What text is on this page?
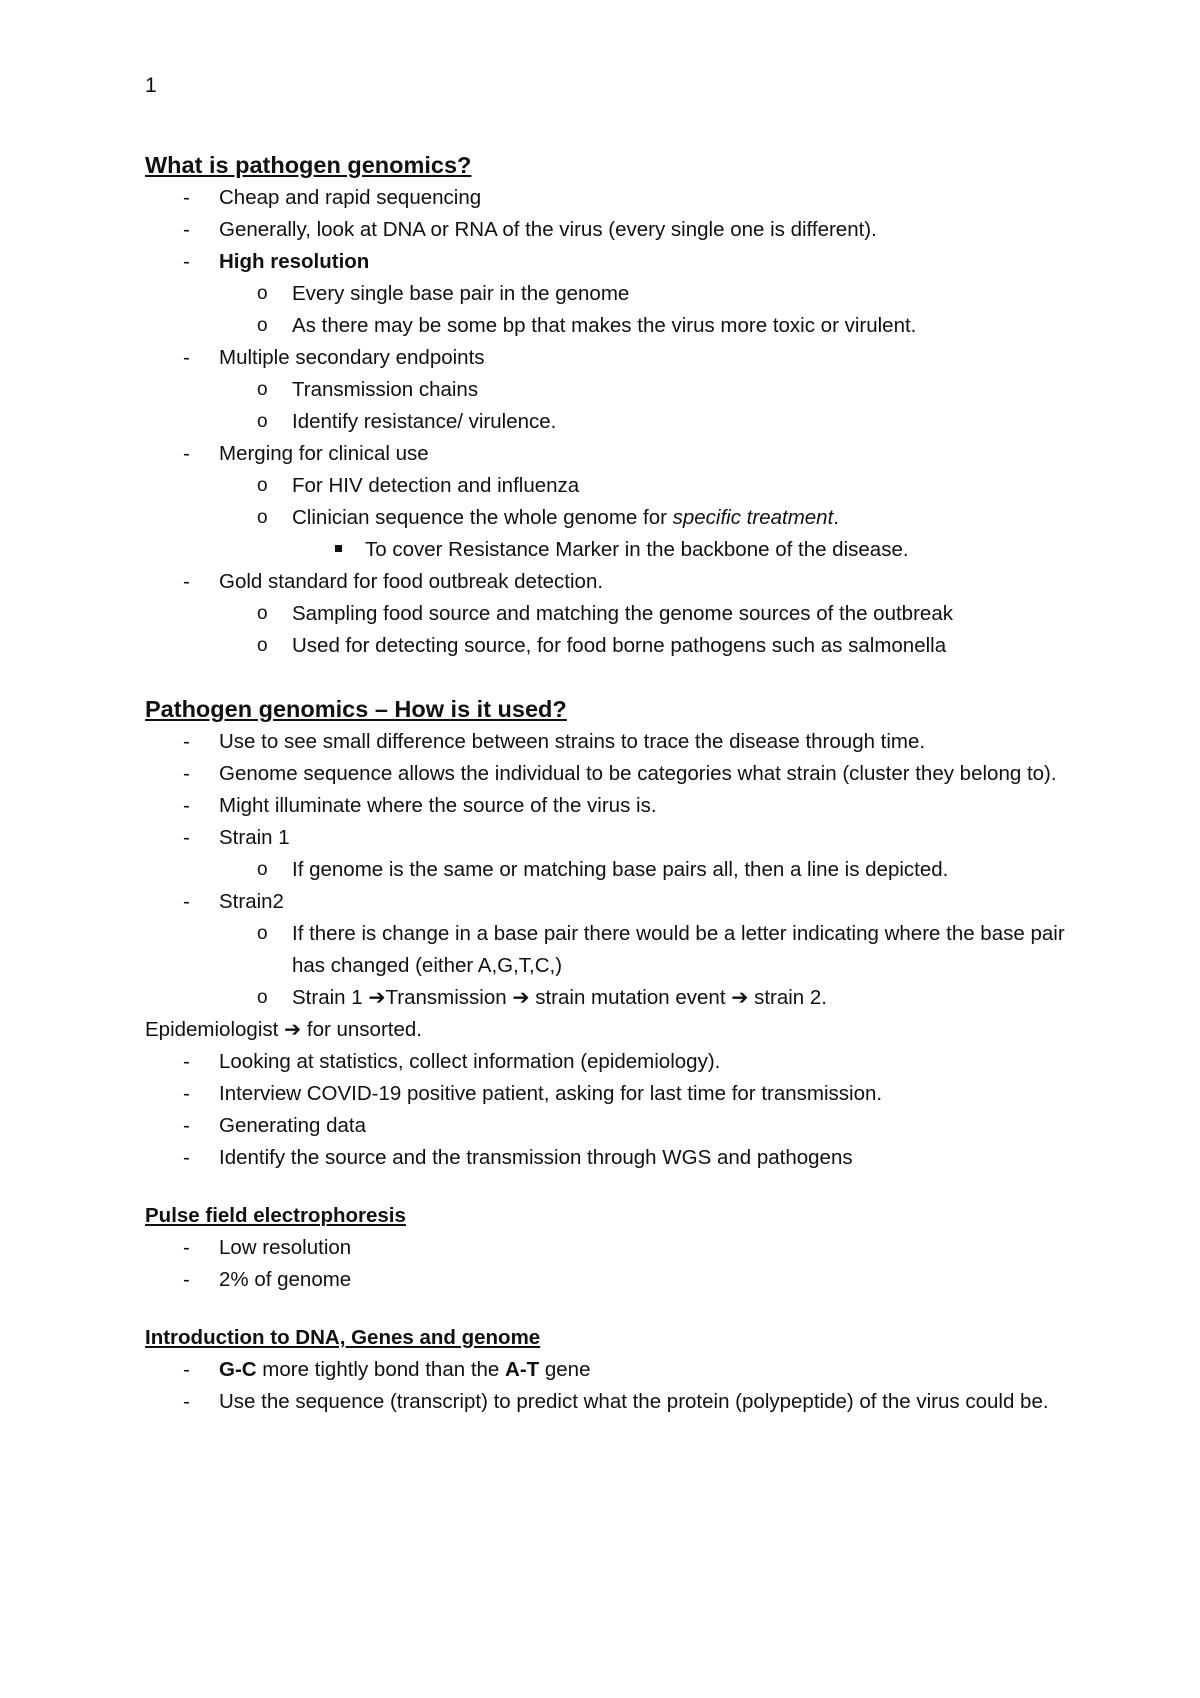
1

What is pathogen genomics?

- Cheap and rapid sequencing
- Generally, look at DNA or RNA of the virus (every single one is different).
- High resolution
o Every single base pair in the genome
o As there may be some bp that makes the virus more toxic or virulent.
- Multiple secondary endpoints
o Transmission chains
o Identify resistance/ virulence.
- Merging for clinical use
o For HIV detection and influenza
o Clinician sequence the whole genome for specific treatment.
To cover Resistance Marker in the backbone of the disease.
- Gold standard for food outbreak detection.
o Sampling food source and matching the genome sources of the outbreak
o Used for detecting source, for food borne pathogens such as salmonella

Pathogen genomics – How is it used?

- Use to see small difference between strains to trace the disease through time.
- Genome sequence allows the individual to be categories what strain (cluster they belong to).
- Might illuminate where the source of the virus is.
- Strain 1
o If genome is the same or matching base pairs all, then a line is depicted.
- Strain2
o If there is change in a base pair there would be a letter indicating where the base pair has changed (either A,G,T,C,)
o Strain 1 ➔Transmission ➔ strain mutation event ➔ strain 2.

Epidemiologist ➔ for unsorted.

- Looking at statistics, collect information (epidemiology).
- Interview COVID-19 positive patient, asking for last time for transmission.
- Generating data
- Identify the source and the transmission through WGS and pathogens

Pulse field electrophoresis

- Low resolution
- 2% of genome

Introduction to DNA, Genes and genome

- G-C more tightly bond than the A-T gene
- Use the sequence (transcript) to predict what the protein (polypeptide) of the virus could be.
